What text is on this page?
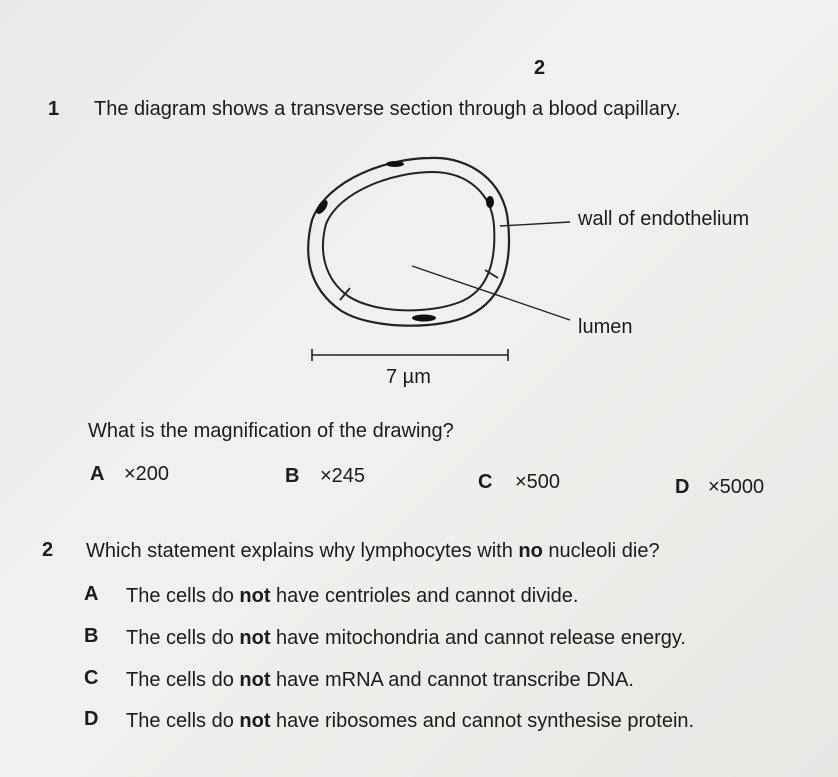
2
1 The diagram shows a transverse section through a blood capillary.
wall of endothelium
lumen
7 µm
What is the magnification of the drawing?
A ×200	B ×245	C ×500	D ×5000
2 Which statement explains why lymphocytes with no nucleoli die?
A The cells do not have centrioles and cannot divide.
B The cells do not have mitochondria and cannot release energy.
C The cells do not have mRNA and cannot transcribe DNA.
D The cells do not have ribosomes and cannot synthesise protein.
